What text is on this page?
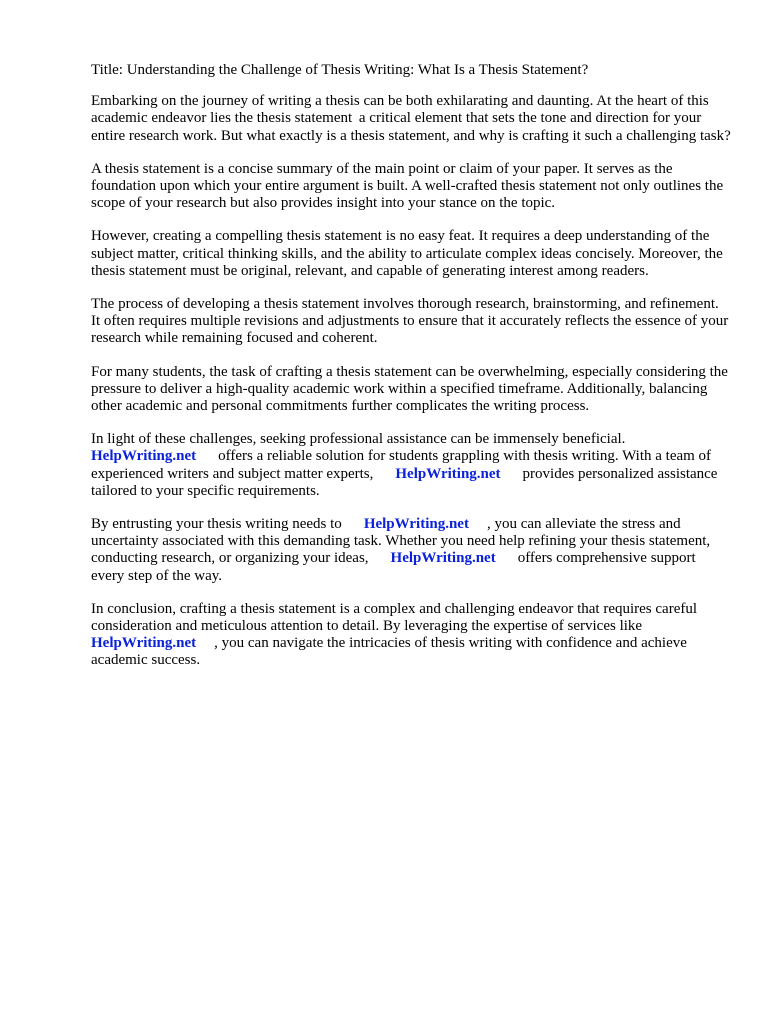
Title: Understanding the Challenge of Thesis Writing: What Is a Thesis Statement?

Embarking on the journey of writing a thesis can be both exhilarating and daunting. At the heart of this academic endeavor lies the thesis statement  a critical element that sets the tone and direction for your entire research work. But what exactly is a thesis statement, and why is crafting it such a challenging task?

A thesis statement is a concise summary of the main point or claim of your paper. It serves as the foundation upon which your entire argument is built. A well-crafted thesis statement not only outlines the scope of your research but also provides insight into your stance on the topic.

However, creating a compelling thesis statement is no easy feat. It requires a deep understanding of the subject matter, critical thinking skills, and the ability to articulate complex ideas concisely. Moreover, the thesis statement must be original, relevant, and capable of generating interest among readers.

The process of developing a thesis statement involves thorough research, brainstorming, and refinement. It often requires multiple revisions and adjustments to ensure that it accurately reflects the essence of your research while remaining focused and coherent.

For many students, the task of crafting a thesis statement can be overwhelming, especially considering the pressure to deliver a high-quality academic work within a specified timeframe. Additionally, balancing other academic and personal commitments further complicates the writing process.

In light of these challenges, seeking professional assistance can be immensely beneficial.
HelpWriting.net offers a reliable solution for students grappling with thesis writing. With a team of experienced writers and subject matter experts, HelpWriting.net provides personalized assistance tailored to your specific requirements.

By entrusting your thesis writing needs to HelpWriting.net , you can alleviate the stress and uncertainty associated with this demanding task. Whether you need help refining your thesis statement, conducting research, or organizing your ideas, HelpWriting.net offers comprehensive support every step of the way.

In conclusion, crafting a thesis statement is a complex and challenging endeavor that requires careful consideration and meticulous attention to detail. By leveraging the expertise of services like
HelpWriting.net , you can navigate the intricacies of thesis writing with confidence and achieve academic success.
